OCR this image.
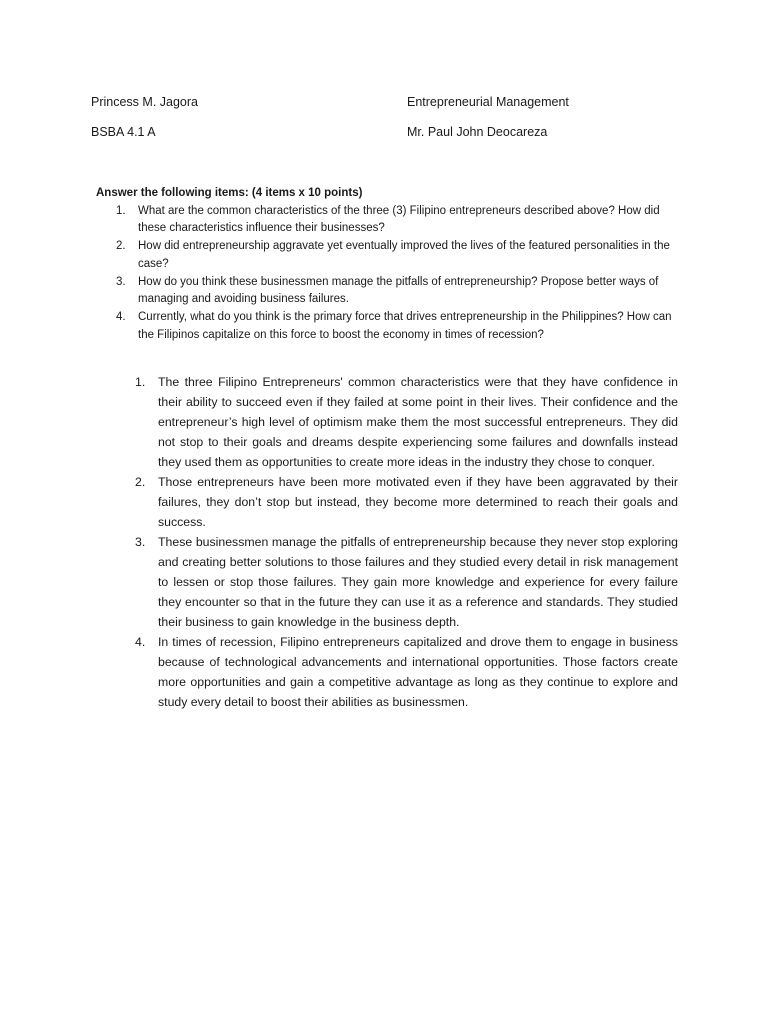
Princess M. Jagora	Entrepreneurial Management
BSBA 4.1 A	Mr. Paul John Deocareza

Answer the following items: (4 items x 10 points)

1. What are the common characteristics of the three (3) Filipino entrepreneurs described above? How did these characteristics influence their businesses?
2. How did entrepreneurship aggravate yet eventually improved the lives of the featured personalities in the case?
3. How do you think these businessmen manage the pitfalls of entrepreneurship? Propose better ways of managing and avoiding business failures.
4. Currently, what do you think is the primary force that drives entrepreneurship in the Philippines? How can the Filipinos capitalize on this force to boost the economy in times of recession?
1. The three Filipino Entrepreneurs' common characteristics were that they have confidence in their ability to succeed even if they failed at some point in their lives. Their confidence and the entrepreneur’s high level of optimism make them the most successful entrepreneurs. They did not stop to their goals and dreams despite experiencing some failures and downfalls instead they used them as opportunities to create more ideas in the industry they chose to conquer.
2. Those entrepreneurs have been more motivated even if they have been aggravated by their failures, they don’t stop but instead, they become more determined to reach their goals and success.
3. These businessmen manage the pitfalls of entrepreneurship because they never stop exploring and creating better solutions to those failures and they studied every detail in risk management to lessen or stop those failures. They gain more knowledge and experience for every failure they encounter so that in the future they can use it as a reference and standards. They studied their business to gain knowledge in the business depth.
4. In times of recession, Filipino entrepreneurs capitalized and drove them to engage in business because of technological advancements and international opportunities. Those factors create more opportunities and gain a competitive advantage as long as they continue to explore and study every detail to boost their abilities as businessmen.
